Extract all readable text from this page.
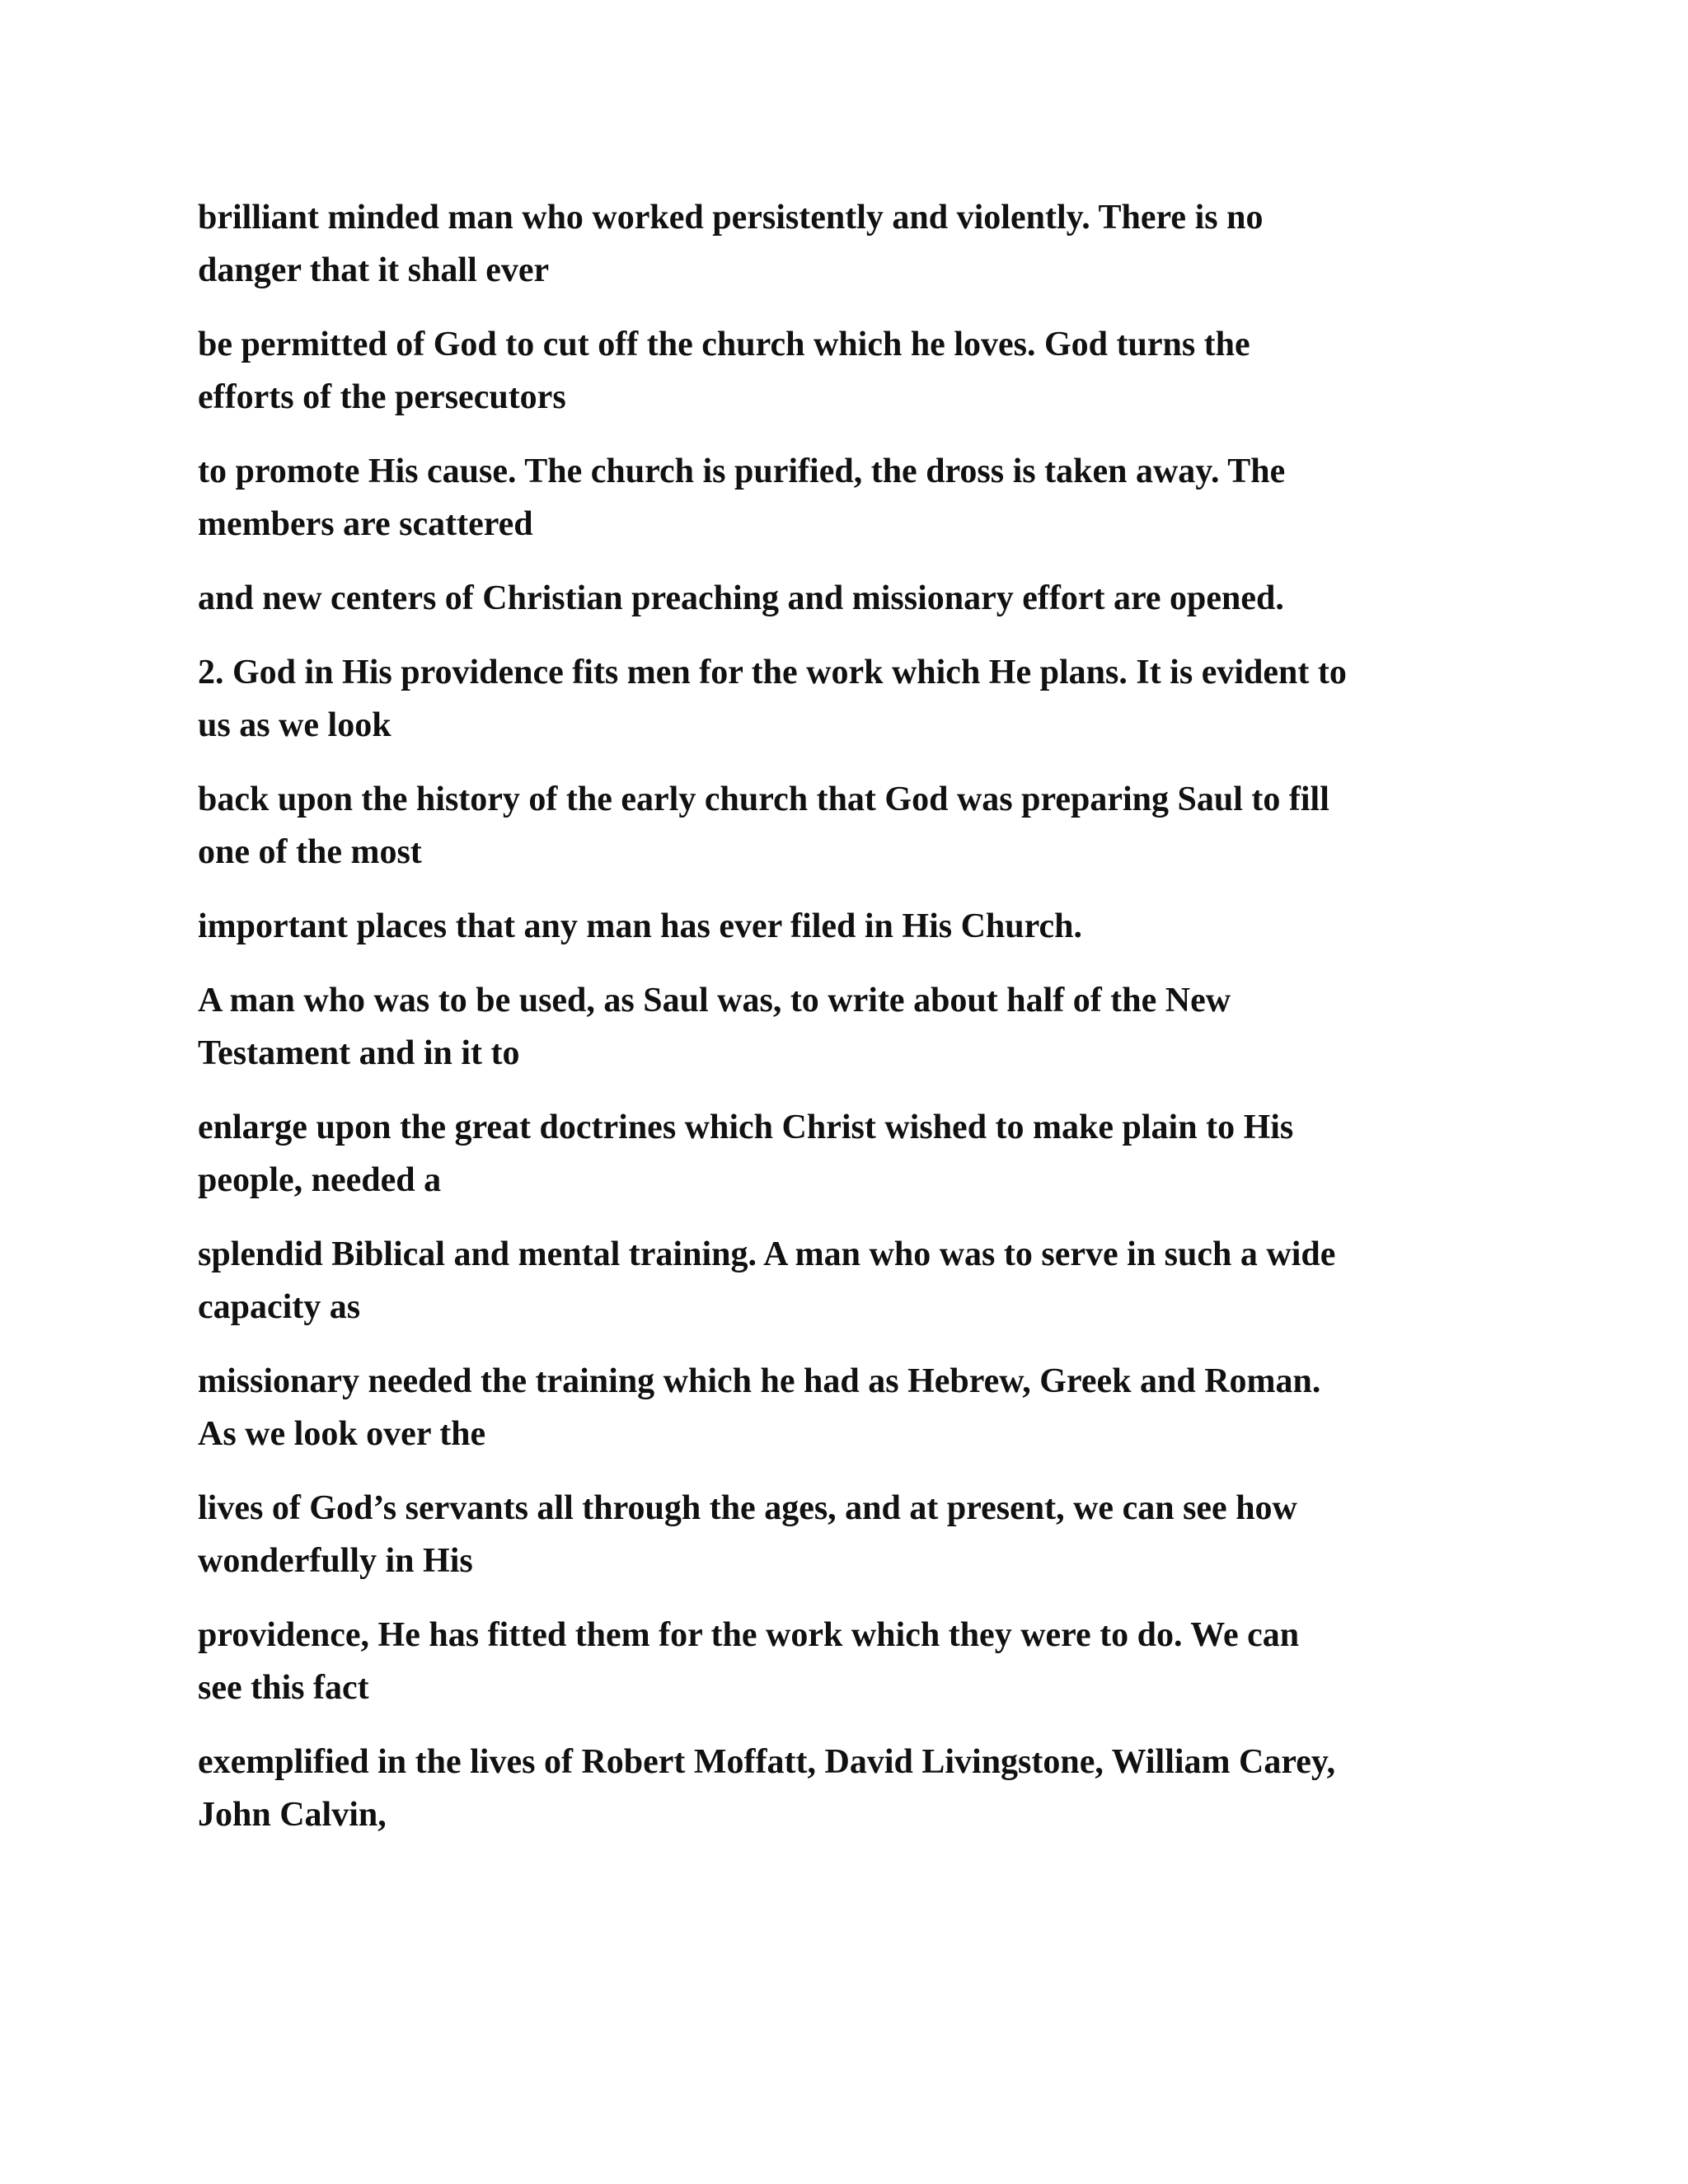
brilliant minded man who worked persistently and violently. There is no
danger that it shall ever

be permitted of God to cut off the church which he loves. God turns the
efforts of the persecutors

to promote His cause. The church is purified, the dross is taken away. The
members are scattered

and new centers of Christian preaching and missionary effort are opened.

2. God in His providence fits men for the work which He plans. It is evident to
us as we look

back upon the history of the early church that God was preparing Saul to fill
one of the most

important places that any man has ever filed in His Church.

A man who was to be used, as Saul was, to write about half of the New
Testament and in it to

enlarge upon the great doctrines which Christ wished to make plain to His
people, needed a

splendid Biblical and mental training. A man who was to serve in such a wide
capacity as

missionary needed the training which he had as Hebrew, Greek and Roman.
As we look over the

lives of God’s servants all through the ages, and at present, we can see how
wonderfully in His

providence, He has fitted them for the work which they were to do. We can
see this fact

exemplified in the lives of Robert Moffatt, David Livingstone, William Carey,
John Calvin,
